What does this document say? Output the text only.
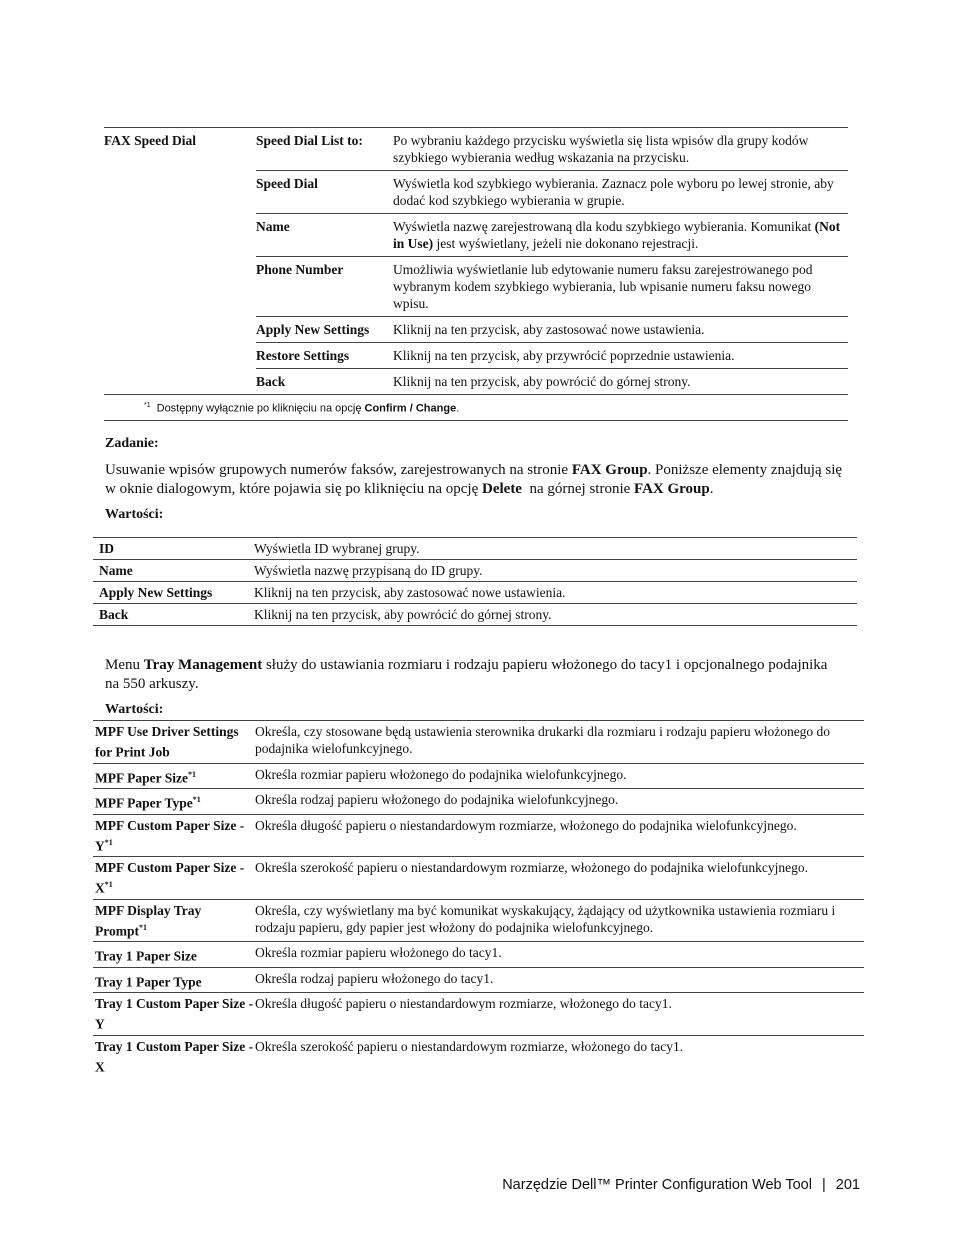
FAX Speed Dial	Speed Dial List to:	Po wybraniu każdego przycisku wyświetla się lista wpisów dla grupy kodów szybkiego wybierania według wskazania na przycisku.
	Speed Dial	Wyświetla kod szybkiego wybierania. Zaznacz pole wyboru po lewej stronie, aby dodać kod szybkiego wybierania w grupie.
	Name	Wyświetla nazwę zarejestrowaną dla kodu szybkiego wybierania. Komunikat (Not in Use) jest wyświetlany, jeżeli nie dokonano rejestracji.
	Phone Number	Umożliwia wyświetlanie lub edytowanie numeru faksu zarejestrowanego pod wybranym kodem szybkiego wybierania, lub wpisanie numeru faksu nowego wpisu.
	Apply New Settings	Kliknij na ten przycisk, aby zastosować nowe ustawienia.
	Restore Settings	Kliknij na ten przycisk, aby przywrócić poprzednie ustawienia.
	Back	Kliknij na ten przycisk, aby powrócić do górnej strony.
$^{*1}$ Dostępny wyłącznie po kliknięciu na opcję Confirm / Change.		
Zadanie:
Usuwanie wpisów grupowych numerów faksów, zarejestrowanych na stronie FAX Group. Poniższe elementy znajdują się w oknie dialogowym, które pojawia się po kliknięciu na opcję Delete  na górnej stronie FAX Group.
Wartości:
ID	Wyświetla ID wybranej grupy.
Name	Wyświetla nazwę przypisaną do ID grupy.
Apply New Settings	Kliknij na ten przycisk, aby zastosować nowe ustawienia.
Back	Kliknij na ten przycisk, aby powrócić do górnej strony.
Menu Tray Management służy do ustawiania rozmiaru i rodzaju papieru włożonego do tacy1 i opcjonalnego podajnika na 550 arkuszy.
Wartości:
MPF Use Driver Settings for Print Job	Określa, czy stosowane będą ustawienia sterownika drukarki dla rozmiaru i rodzaju papieru włożonego do podajnika wielofunkcyjnego.
MPF Paper Size$^{*1}$	Określa rozmiar papieru włożonego do podajnika wielofunkcyjnego.
MPF Paper Type$^{*1}$	Określa rodzaj papieru włożonego do podajnika wielofunkcyjnego.
MPF Custom Paper Size - $Y^{*1}$	Określa długość papieru o niestandardowym rozmiarze, włożonego do podajnika wielofunkcyjnego.
MPF Custom Paper Size - $X^{*1}$	Określa szerokość papieru o niestandardowym rozmiarze, włożonego do podajnika wielofunkcyjnego.
MPF Display Tray Prompt$^{*1}$	Określa, czy wyświetlany ma być komunikat wyskakujący, żądający od użytkownika ustawienia rozmiaru i rodzaju papieru, gdy papier jest włożony do podajnika wielofunkcyjnego.
Tray 1 Paper Size	Określa rozmiar papieru włożonego do tacy1.
Tray 1 Paper Type	Określa rodzaj papieru włożonego do tacy1.
Tray 1 Custom Paper Size - Y	Określa długość papieru o niestandardowym rozmiarze, włożonego do tacy1.
Tray 1 Custom Paper Size - X	Określa szerokość papieru o niestandardowym rozmiarze, włożonego do tacy1.
Narzędzie Dell™ Printer Configuration Web Tool | 201
